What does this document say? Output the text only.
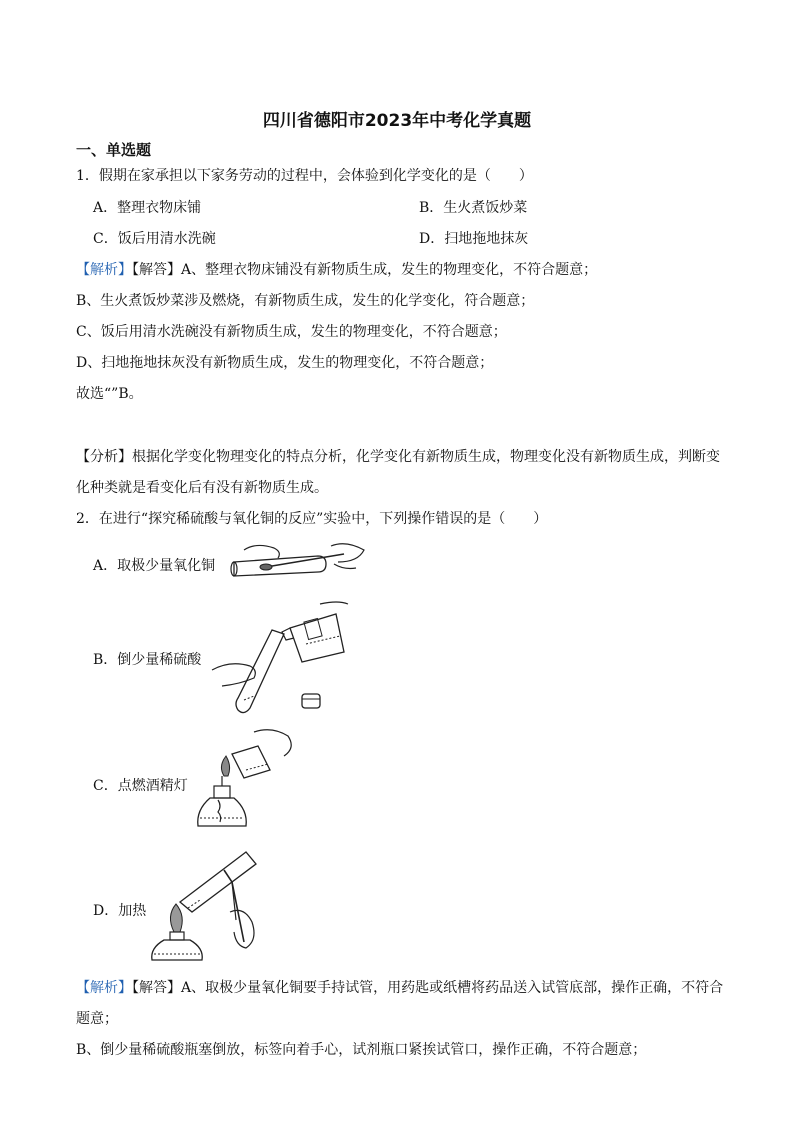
四川省德阳市2023年中考化学真题
一、单选题
1．假期在家承担以下家务劳动的过程中，会体验到化学变化的是（　　）
A．整理衣物床铺	B．生火煮饭炒菜
C．饭后用清水洗碗	D．扫地拖地抹灰
【解析】【解答】A、整理衣物床铺没有新物质生成，发生的物理变化，不符合题意；
B、生火煮饭炒菜涉及燃烧，有新物质生成，发生的化学变化，符合题意；
C、饭后用清水洗碗没有新物质生成，发生的物理变化，不符合题意；
D、扫地拖地抹灰没有新物质生成，发生的物理变化，不符合题意；
故选“”B。
【分析】根据化学变化物理变化的特点分析，化学变化有新物质生成，物理变化没有新物质生成，判断变
化种类就是看变化后有没有新物质生成。
2．在进行“探究稀硫酸与氧化铜的反应”实验中，下列操作错误的是（　　）
A．取极少量氧化铜
B．倒少量稀硫酸
C．点燃酒精灯
D．加热
【解析】【解答】A、取极少量氧化铜要手持试管，用药匙或纸槽将药品送入试管底部，操作正确，不符合
题意；
B、倒少量稀硫酸瓶塞倒放，标签向着手心，试剂瓶口紧挨试管口，操作正确，不符合题意；
